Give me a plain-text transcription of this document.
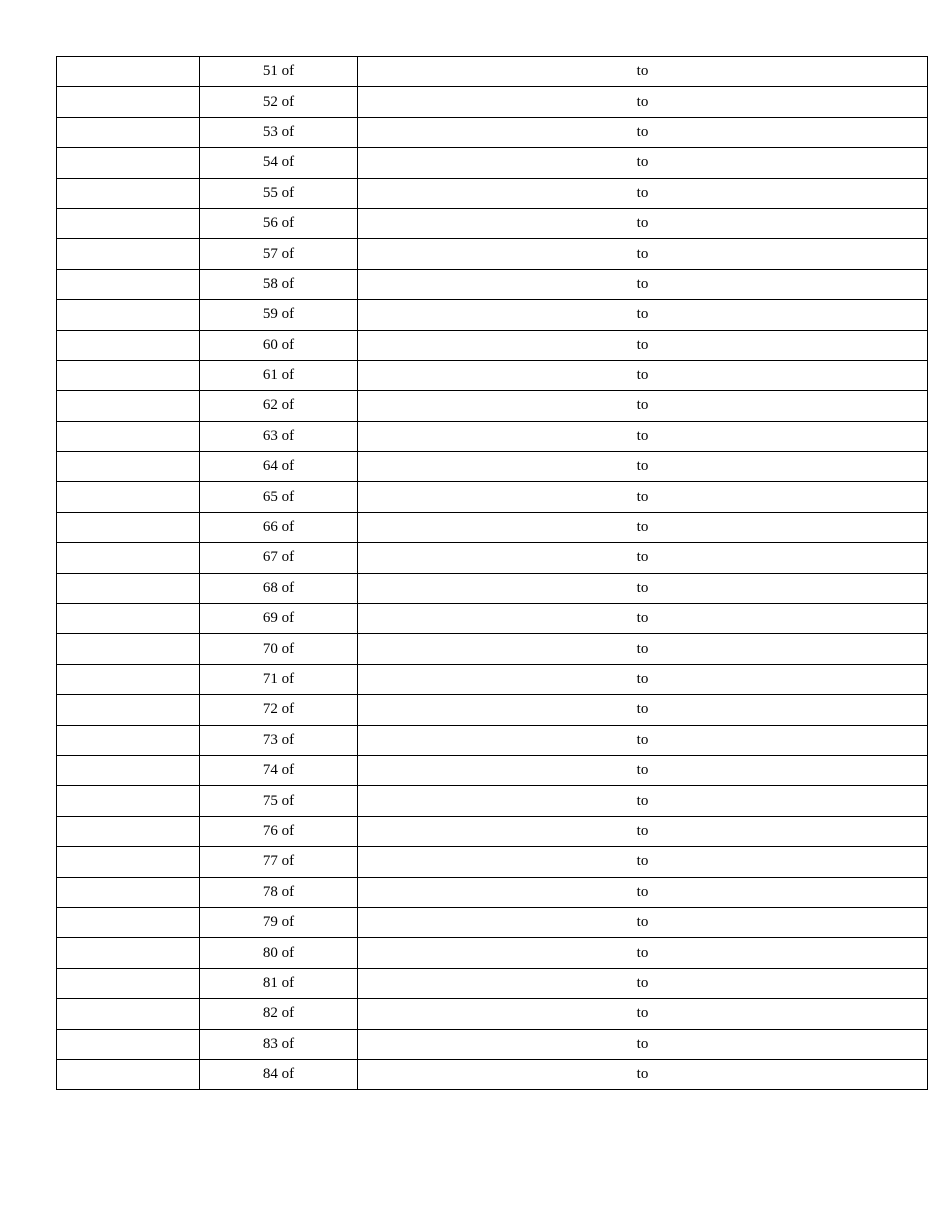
	51 of	to
	52 of	to
	53 of	to
	54 of	to
	55 of	to
	56 of	to
	57 of	to
	58 of	to
	59 of	to
	60 of	to
	61 of	to
	62 of	to
	63 of	to
	64 of	to
	65 of	to
	66 of	to
	67 of	to
	68 of	to
	69 of	to
	70 of	to
	71 of	to
	72 of	to
	73 of	to
	74 of	to
	75 of	to
	76 of	to
	77 of	to
	78 of	to
	79 of	to
	80 of	to
	81 of	to
	82 of	to
	83 of	to
	84 of	to
